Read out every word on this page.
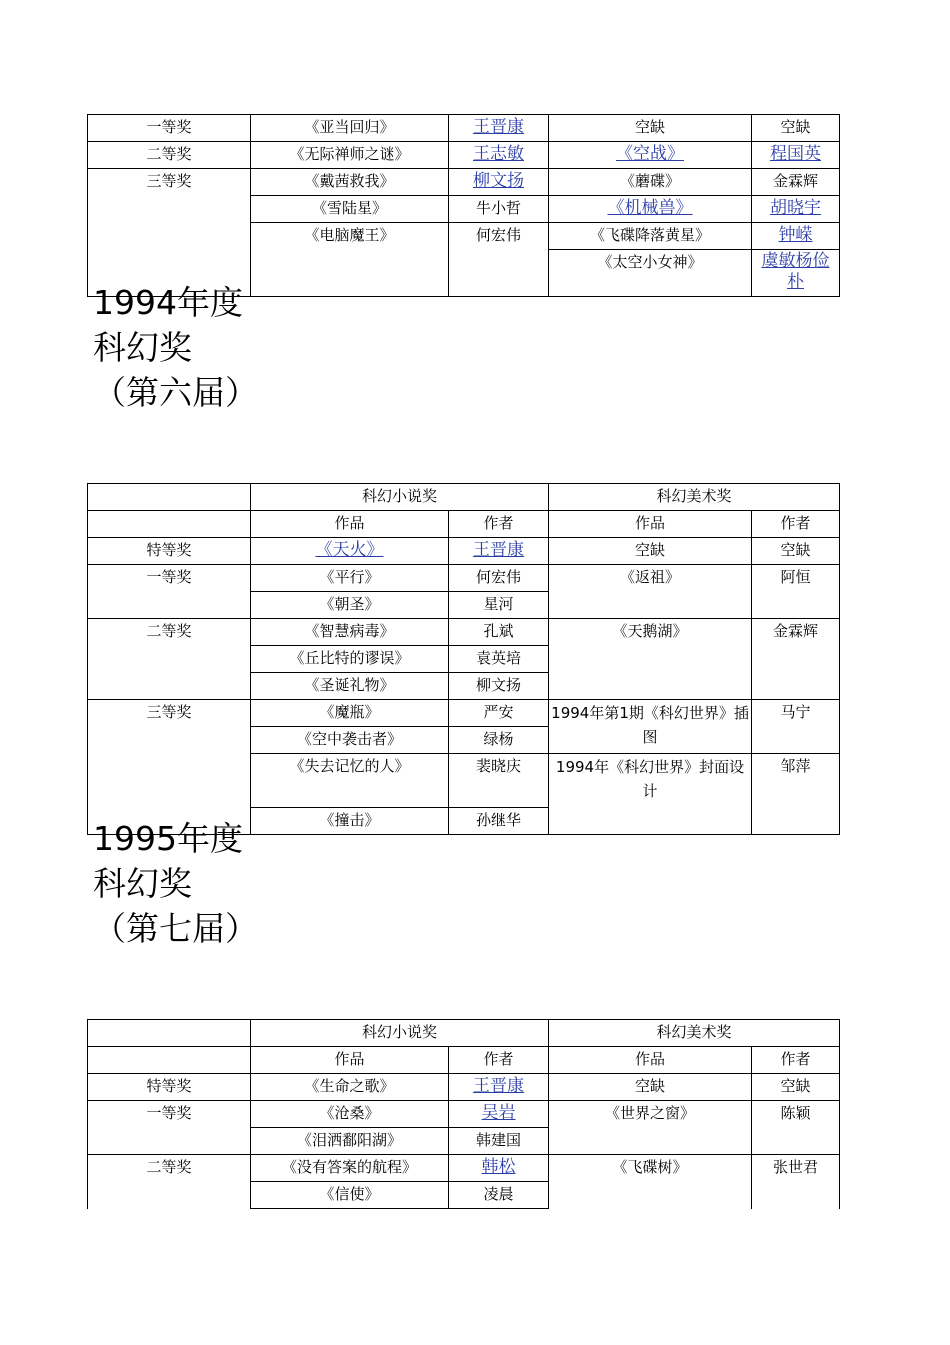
一等奖	《亚当回归》	王晋康	空缺	空缺
二等奖	《无际禅师之谜》	王志敏	《空战》	程国英
三等奖	《戴茜救我》	柳文扬	《蘑碟》	金霖辉
	《雪陆星》	牛小哲	《机械兽》	胡晓宇
	《电脑魔王》	何宏伟	《飞碟降落黄星》	钟嵘
			《太空小女神》	虞敏杨俭朴
1994年度科幻奖（第六届）
	科幻小说奖		科幻美术奖	
	作品	作者	作品	作者
特等奖	《天火》	王晋康	空缺	空缺
一等奖	《平行》	何宏伟	《返祖》	阿恒
	《朝圣》	星河		
二等奖	《智慧病毒》	孔斌	《天鹅湖》	金霖辉
	《丘比特的谬误》	袁英培		
	《圣诞礼物》	柳文扬		
三等奖	《魔瓶》	严安	1994年第1期《科幻世界》插图	马宁
	《空中袭击者》	绿杨		
	《失去记忆的人》	裴晓庆	1994年《科幻世界》封面设计	邹萍
	《撞击》	孙继华		
1995年度科幻奖（第七届）
	科幻小说奖		科幻美术奖	
	作品	作者	作品	作者
特等奖	《生命之歌》	王晋康	空缺	空缺
一等奖	《沧桑》	吴岩	《世界之窗》	陈颖
	《泪洒鄱阳湖》	韩建国		
二等奖	《没有答案的航程》	韩松	《飞碟树》	张世君
	《信使》	凌晨		
